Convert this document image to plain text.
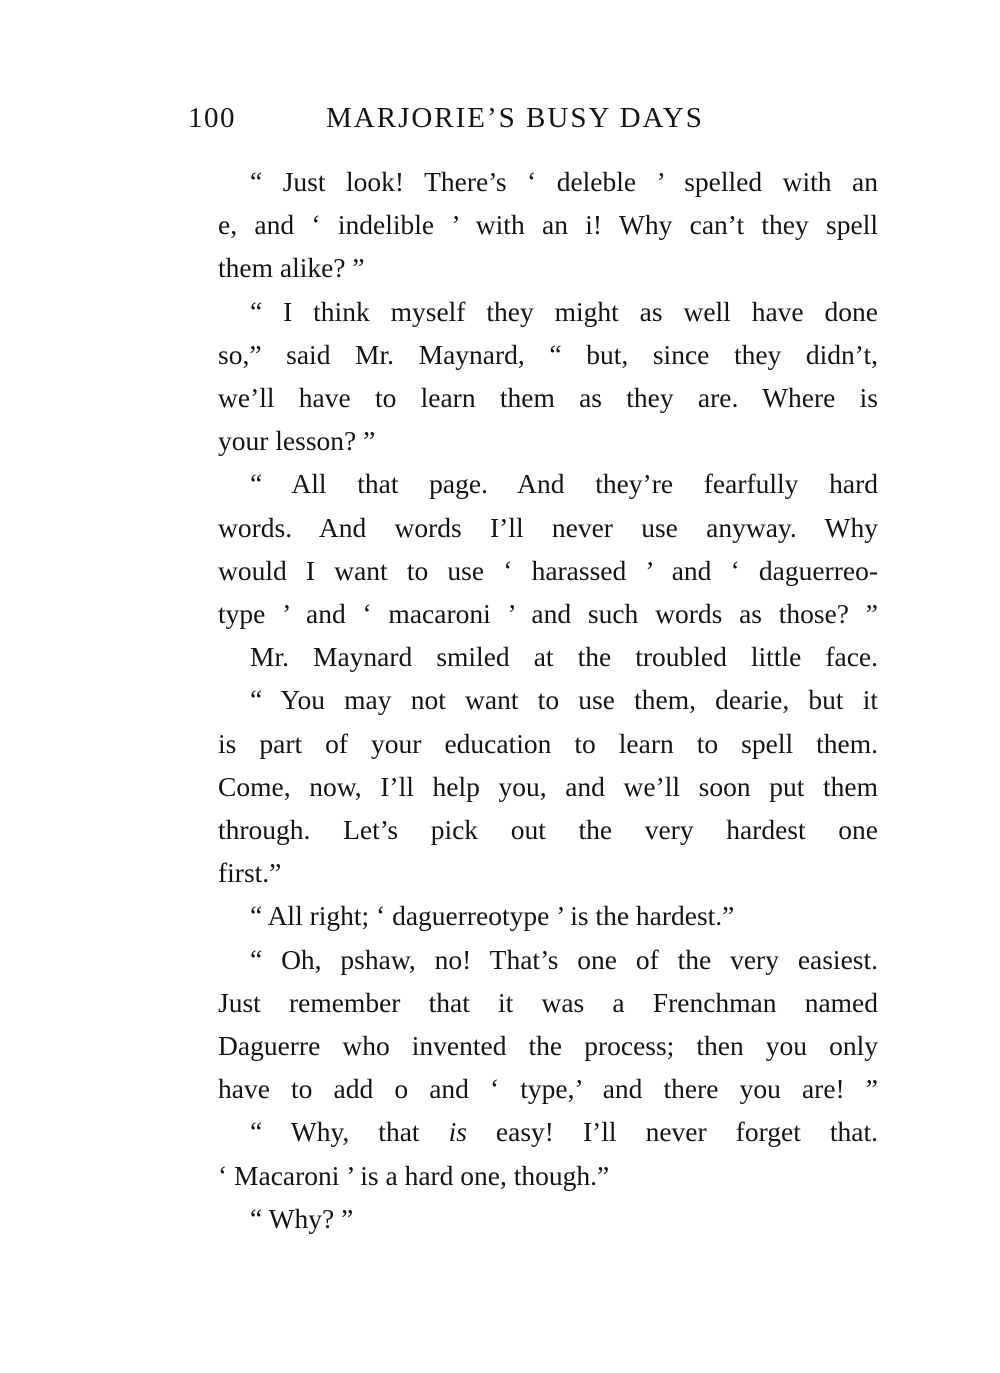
100	MARJORIE’S BUSY DAYS
“ Just look! There’s ‘ deleble ’ spelled with an
e, and ‘ indelible ’ with an i! Why can’t they spell
them alike? ”
“ I think myself they might as well have done
so,” said Mr. Maynard, “ but, since they didn’t,
we’ll have to learn them as they are. Where is
your lesson? ”
“ All that page. And they’re fearfully hard
words. And words I’ll never use anyway. Why
would I want to use ‘ harassed ’ and ‘ daguerreo-
type ’ and ‘ macaroni ’ and such words as those? ”
Mr. Maynard smiled at the troubled little face.
“ You may not want to use them, dearie, but it
is part of your education to learn to spell them.
Come, now, I’ll help you, and we’ll soon put them
through. Let’s pick out the very hardest one
first.”
“ All right; ‘ daguerreotype ’ is the hardest.”
“ Oh, pshaw, no! That’s one of the very easiest.
Just remember that it was a Frenchman named
Daguerre who invented the process; then you only
have to add o and ‘ type,’ and there you are! ”
“ Why, that is easy! I’ll never forget that.
‘ Macaroni ’ is a hard one, though.”
“ Why? ”
